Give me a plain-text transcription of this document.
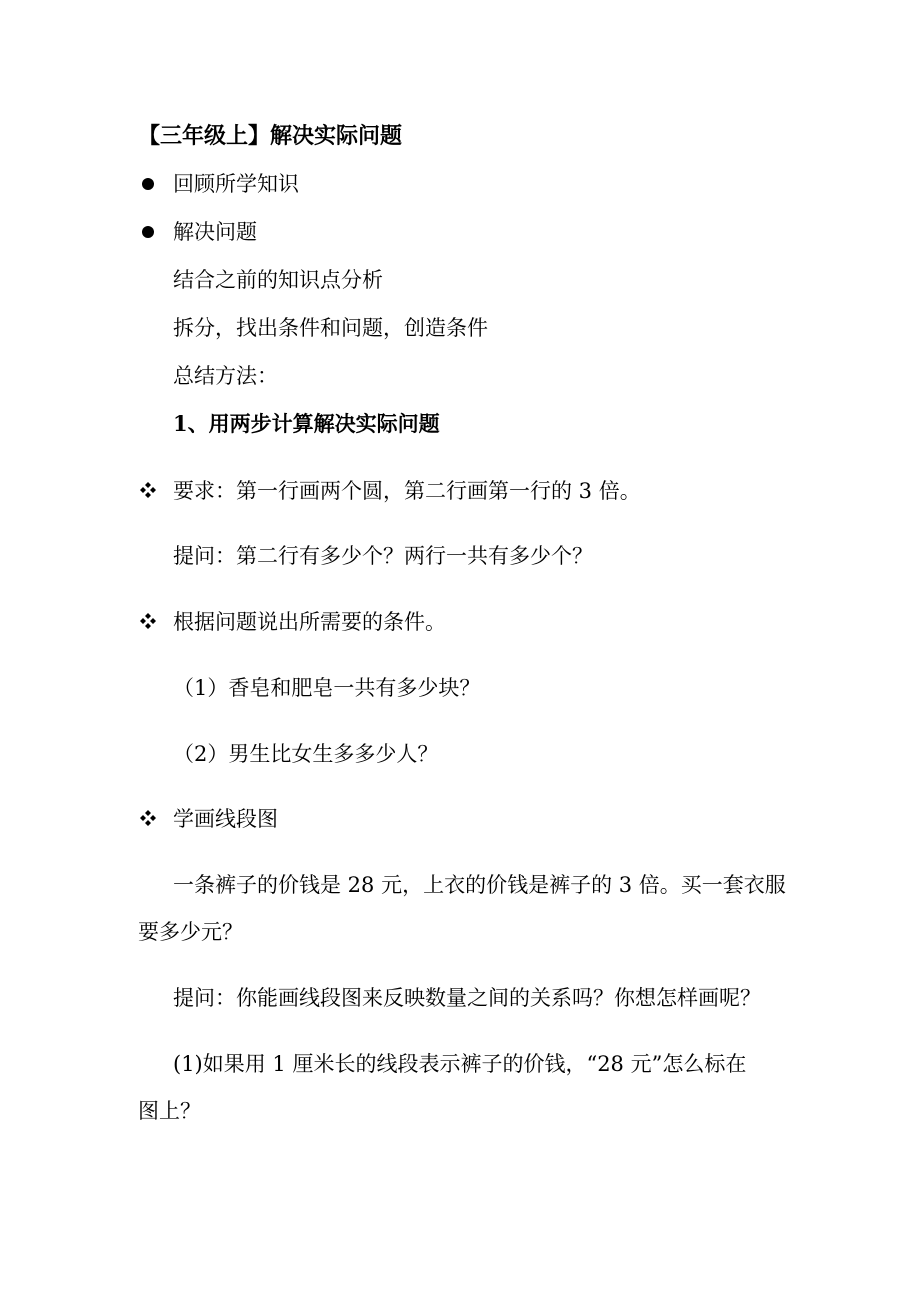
【三年级上】解决实际问题
回顾所学知识
解决问题
结合之前的知识点分析
拆分，找出条件和问题，创造条件
总结方法：
1、用两步计算解决实际问题
要求：第一行画两个圆，第二行画第一行的 3 倍。
提问：第二行有多少个？两行一共有多少个？
根据问题说出所需要的条件。
（1）香皂和肥皂一共有多少块？
（2）男生比女生多多少人？
学画线段图
一条裤子的价钱是 28 元，上衣的价钱是裤子的 3 倍。买一套衣服
要多少元？
提问：你能画线段图来反映数量之间的关系吗？你想怎样画呢？
(1)如果用 1 厘米长的线段表示裤子的价钱，“28 元”怎么标在
图上？
